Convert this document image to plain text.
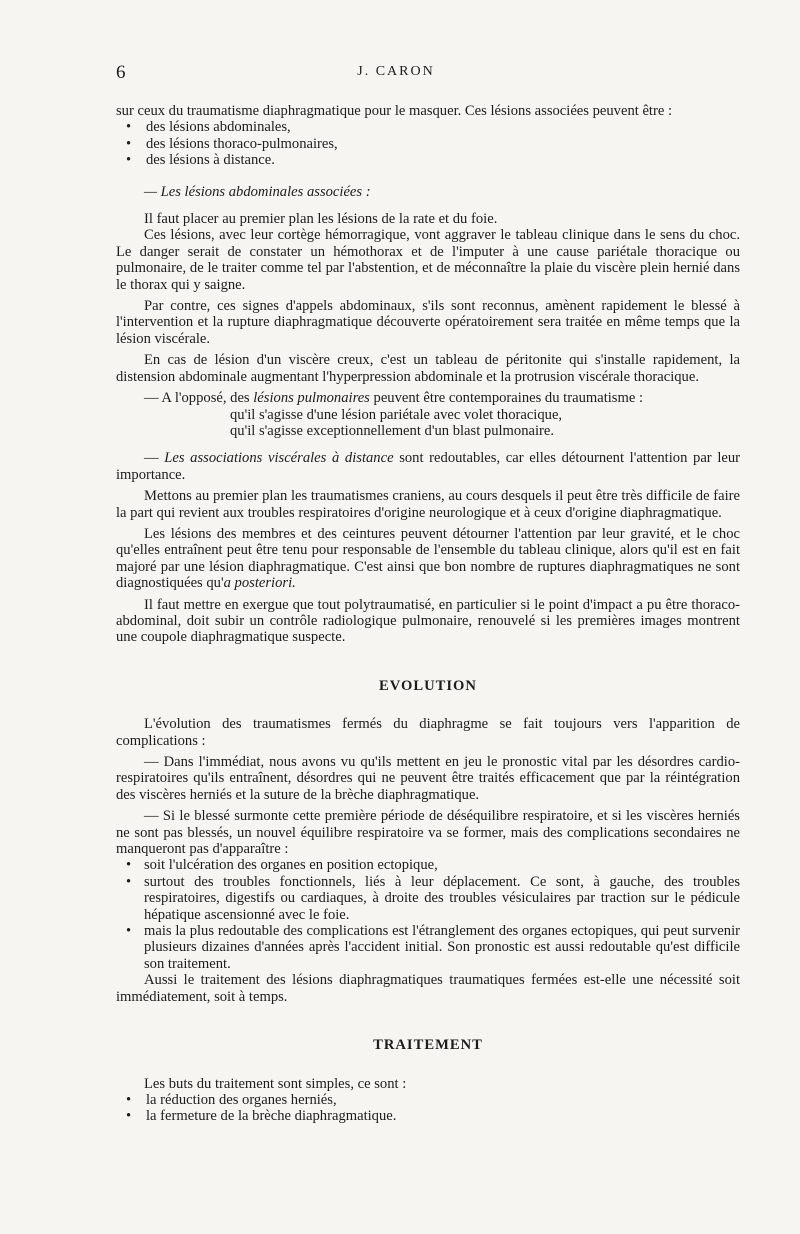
6	J. CARON

sur ceux du traumatisme diaphragmatique pour le masquer. Ces lésions associées peuvent être :

• des lésions abdominales,

• des lésions thoraco-pulmonaires,

• des lésions à distance.

— Les lésions abdominales associées :

Il faut placer au premier plan les lésions de la rate et du foie.

Ces lésions, avec leur cortège hémorragique, vont aggraver le tableau clinique dans le sens du choc. Le danger serait de constater un hémothorax et de l'imputer à une cause pariétale thoracique ou pulmonaire, de le traiter comme tel par l'abstention, et de méconnaître la plaie du viscère plein hernié dans le thorax qui y saigne.

Par contre, ces signes d'appels abdominaux, s'ils sont reconnus, amènent rapidement le blessé à l'intervention et la rupture diaphragmatique découverte opératoirement sera traitée en même temps que la lésion viscérale.

En cas de lésion d'un viscère creux, c'est un tableau de péritonite qui s'installe rapidement, la distension abdominale augmentant l'hyperpression abdominale et la protrusion viscérale thoracique.

— A l'opposé, des lésions pulmonaires peuvent être contemporaines du traumatisme :

qu'il s'agisse d'une lésion pariétale avec volet thoracique,

qu'il s'agisse exceptionnellement d'un blast pulmonaire.

— Les associations viscérales à distance sont redoutables, car elles détournent l'attention par leur importance.

Mettons au premier plan les traumatismes craniens, au cours desquels il peut être très difficile de faire la part qui revient aux troubles respiratoires d'origine neurologique et à ceux d'origine diaphragmatique.

Les lésions des membres et des ceintures peuvent détourner l'attention par leur gravité, et le choc qu'elles entraînent peut être tenu pour responsable de l'ensemble du tableau clinique, alors qu'il est en fait majoré par une lésion diaphragmatique. C'est ainsi que bon nombre de ruptures diaphragmatiques ne sont diagnostiquées qu'a posteriori.

Il faut mettre en exergue que tout polytraumatisé, en particulier si le point d'impact a pu être thoraco-abdominal, doit subir un contrôle radiologique pulmonaire, renouvelé si les premières images montrent une coupole diaphragmatique suspecte.

EVOLUTION

L'évolution des traumatismes fermés du diaphragme se fait toujours vers l'apparition de complications :

— Dans l'immédiat, nous avons vu qu'ils mettent en jeu le pronostic vital par les désordres cardio-respiratoires qu'ils entraînent, désordres qui ne peuvent être traités efficacement que par la réintégration des viscères herniés et la suture de la brèche diaphragmatique.

— Si le blessé surmonte cette première période de déséquilibre respiratoire, et si les viscères herniés ne sont pas blessés, un nouvel équilibre respiratoire va se former, mais des complications secondaires ne manqueront pas d'apparaître :

• soit l'ulcération des organes en position ectopique,

• surtout des troubles fonctionnels, liés à leur déplacement. Ce sont, à gauche, des troubles respiratoires, digestifs ou cardiaques, à droite des troubles vésiculaires par traction sur le pédicule hépatique ascensionné avec le foie.

• mais la plus redoutable des complications est l'étranglement des organes ectopiques, qui peut survenir plusieurs dizaines d'années après l'accident initial. Son pronostic est aussi redoutable qu'est difficile son traitement.

Aussi le traitement des lésions diaphragmatiques traumatiques fermées est-elle une nécessité soit immédiatement, soit à temps.

TRAITEMENT

Les buts du traitement sont simples, ce sont :

• la réduction des organes herniés,

• la fermeture de la brèche diaphragmatique.
